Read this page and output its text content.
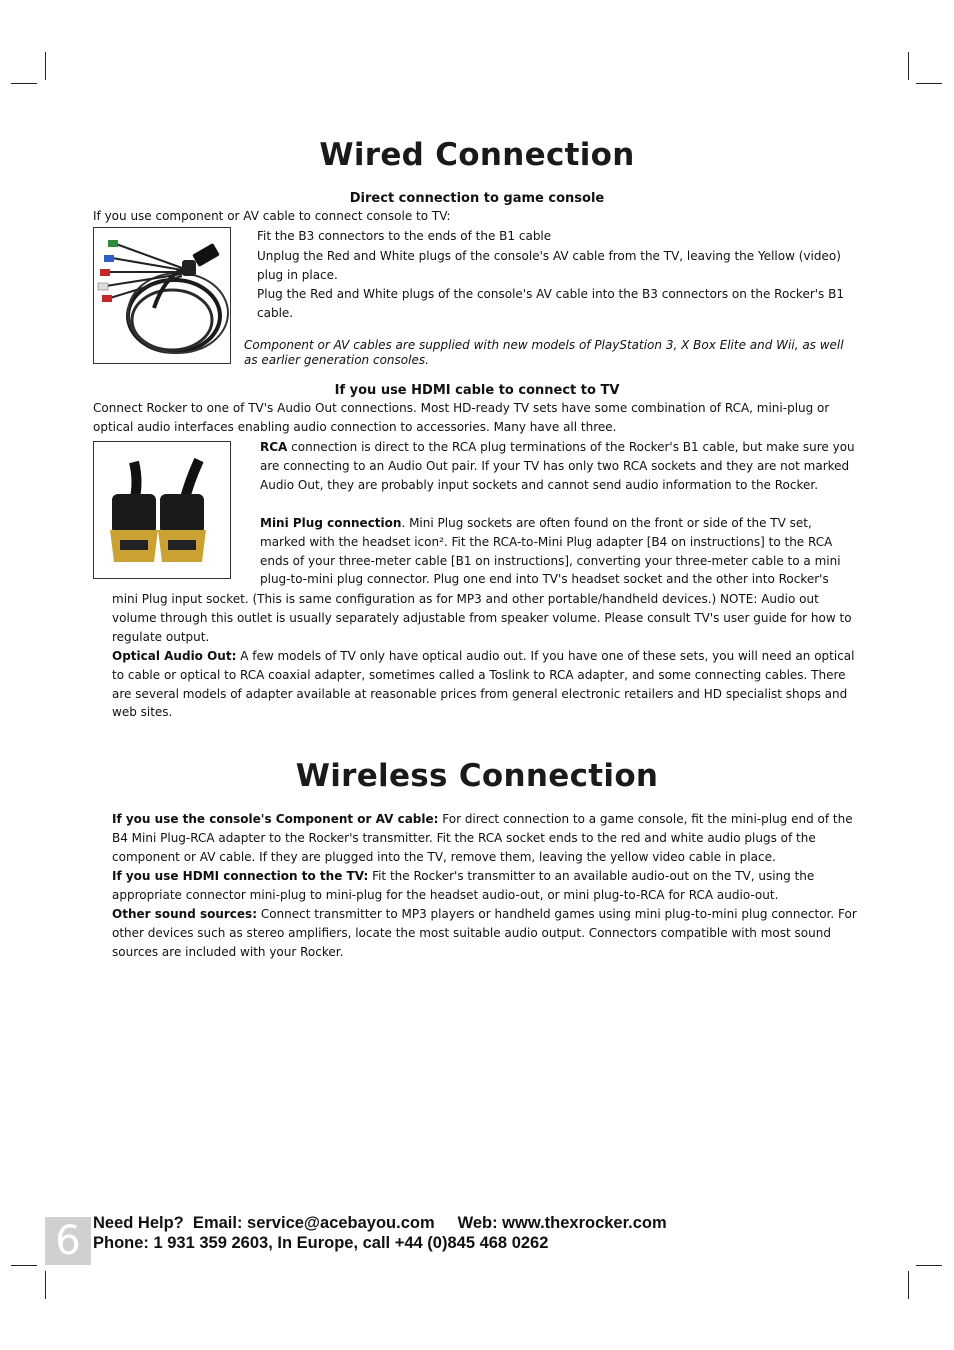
Wired Connection

Direct connection to game console

If you use component or AV cable to connect console to TV:

Fit the B3 connectors to the ends of the B1 cable

Unplug the Red and White plugs of the console's AV cable from the TV, leaving the Yellow (video) plug in place.

Plug the Red and White plugs of the console's AV cable into the B3 connectors on the Rocker's B1 cable.

Component or AV cables are supplied with new models of PlayStation 3, X Box Elite and Wii, as well as earlier generation consoles.

If you use HDMI cable to connect to TV

Connect Rocker to one of TV's Audio Out connections. Most HD-ready TV sets have some combination of RCA, mini-plug or optical audio interfaces enabling audio connection to accessories. Many have all three.

RCA connection is direct to the RCA plug terminations of the Rocker's B1 cable, but make sure you are connecting to an Audio Out pair. If your TV has only two RCA sockets and they are not marked Audio Out, they are probably input sockets and cannot send audio information to the Rocker.

Mini Plug connection. Mini Plug sockets are often found on the front or side of the TV set, marked with the headset icon². Fit the RCA-to-Mini Plug adapter [B4 on instructions] to the RCA ends of your three-meter cable [B1 on instructions], converting your three-meter cable to a mini plug-to-mini plug connector. Plug one end into TV's headset socket and the other into Rocker's

mini Plug input socket. (This is same configuration as for MP3 and other portable/handheld devices.) NOTE: Audio out volume through this outlet is usually separately adjustable from speaker volume. Please consult TV's user guide for how to regulate output.

Optical Audio Out: A few models of TV only have optical audio out. If you have one of these sets, you will need an optical to cable or optical to RCA coaxial adapter, sometimes called a Toslink to RCA adapter, and some connecting cables. There are several models of adapter available at reasonable prices from general electronic retailers and HD specialist shops and web sites.

Wireless Connection

If you use the console's Component or AV cable: For direct connection to a game console, fit the mini-plug end of the B4 Mini Plug-RCA adapter to the Rocker's transmitter. Fit the RCA socket ends to the red and white audio plugs of the component or AV cable. If they are plugged into the TV, remove them, leaving the yellow video cable in place.

If you use HDMI connection to the TV: Fit the Rocker's transmitter to an available audio-out on the TV, using the appropriate connector mini-plug to mini-plug for the headset audio-out, or mini plug-to-RCA for RCA audio-out.

Other sound sources: Connect transmitter to MP3 players or handheld games using mini plug-to-mini plug connector. For other devices such as stereo amplifiers, locate the most suitable audio output. Connectors compatible with most sound sources are included with your Rocker.

6 Need Help?  Email: service@acebayou.com     Web: www.thexrocker.com
Phone: 1 931 359 2603, In Europe, call +44 (0)845 468 0262
